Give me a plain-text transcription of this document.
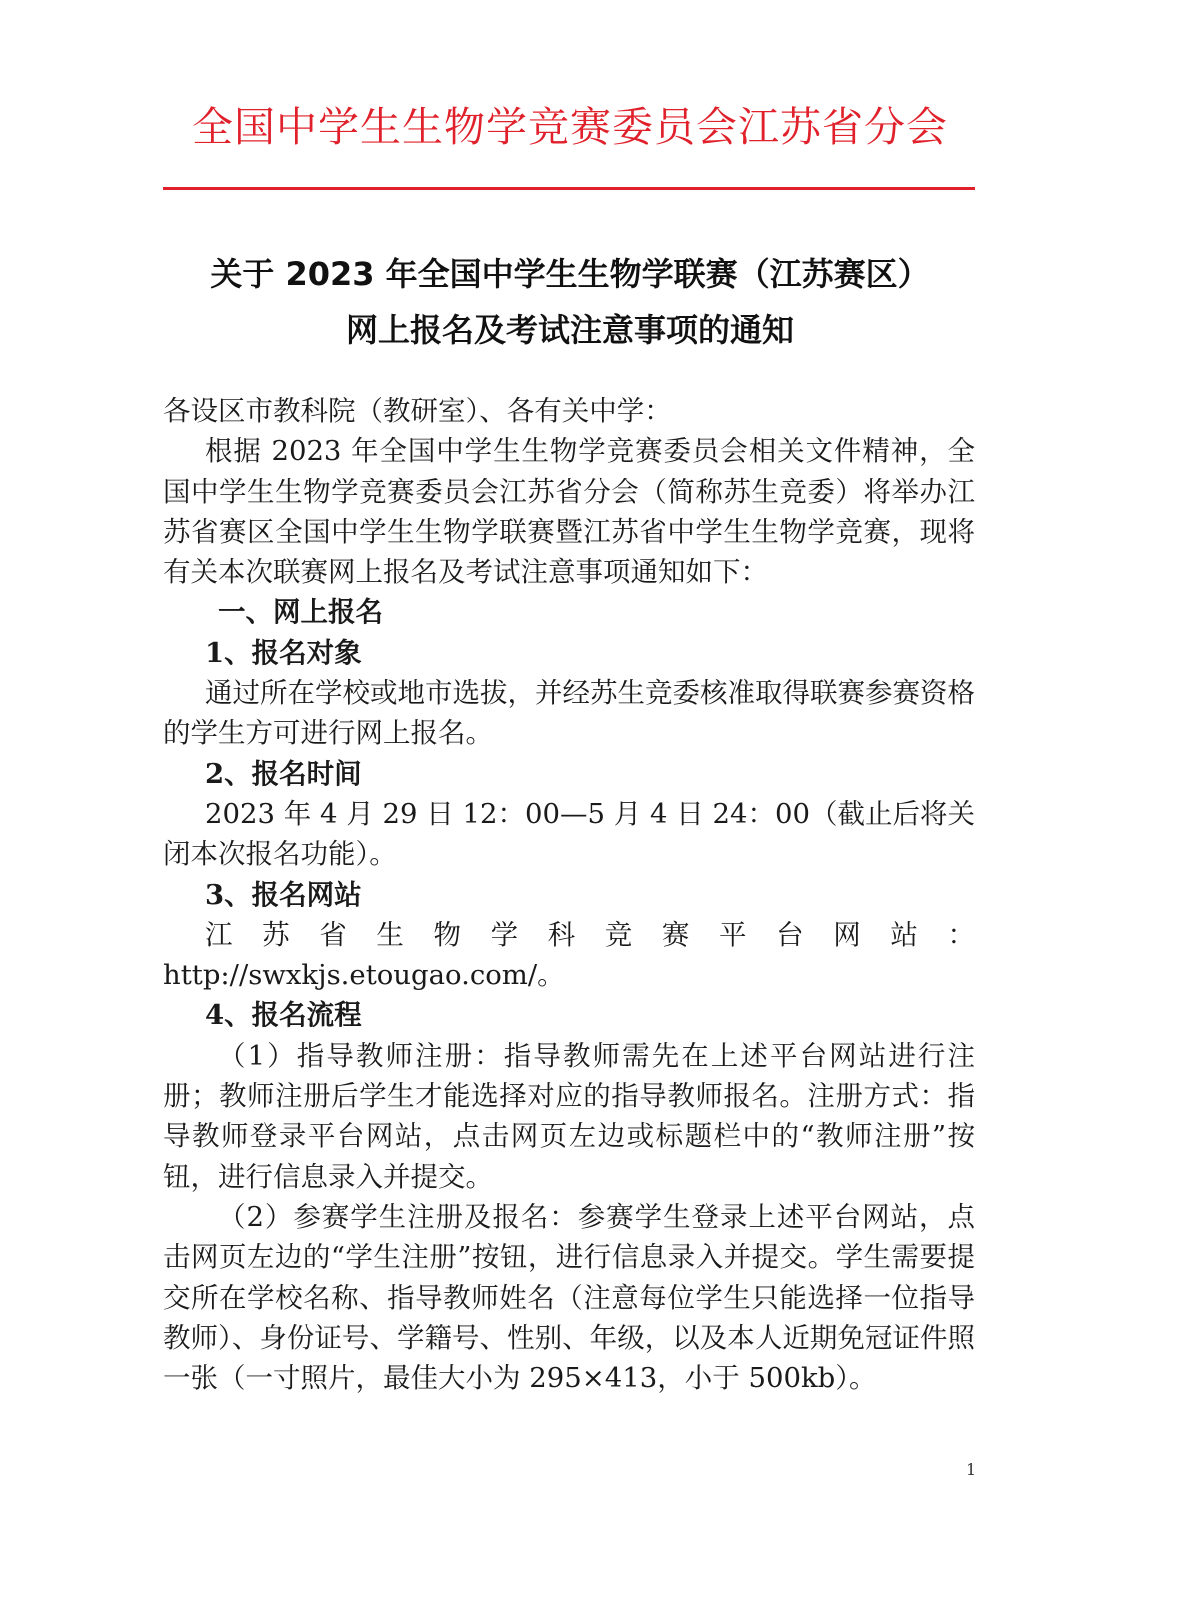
全国中学生生物学竞赛委员会江苏省分会
关于 2023 年全国中学生生物学联赛（江苏赛区）
网上报名及考试注意事项的通知

各设区市教科院（教研室）、各有关中学：

根据 2023 年全国中学生生物学竞赛委员会相关文件精神，全国中学生生物学竞赛委员会江苏省分会（简称苏生竞委）将举办江苏省赛区全国中学生生物学联赛暨江苏省中学生生物学竞赛，现将有关本次联赛网上报名及考试注意事项通知如下：

一、网上报名

1、报名对象

通过所在学校或地市选拔，并经苏生竞委核准取得联赛参赛资格的学生方可进行网上报名。

2、报名时间

2023 年 4 月 29 日 12：00—5 月 4 日 24：00（截止后将关闭本次报名功能）。

3、报名网站

江苏省生物学科竞赛平台网站：

http://swxkjs.etougao.com/。

4、报名流程

（1）指导教师注册：指导教师需先在上述平台网站进行注册；教师注册后学生才能选择对应的指导教师报名。注册方式：指导教师登录平台网站，点击网页左边或标题栏中的“教师注册”按钮，进行信息录入并提交。

（2）参赛学生注册及报名：参赛学生登录上述平台网站，点击网页左边的“学生注册”按钮，进行信息录入并提交。学生需要提交所在学校名称、指导教师姓名（注意每位学生只能选择一位指导教师）、身份证号、学籍号、性别、年级，以及本人近期免冠证件照一张（一寸照片，最佳大小为 295×413，小于 500kb）。

1
